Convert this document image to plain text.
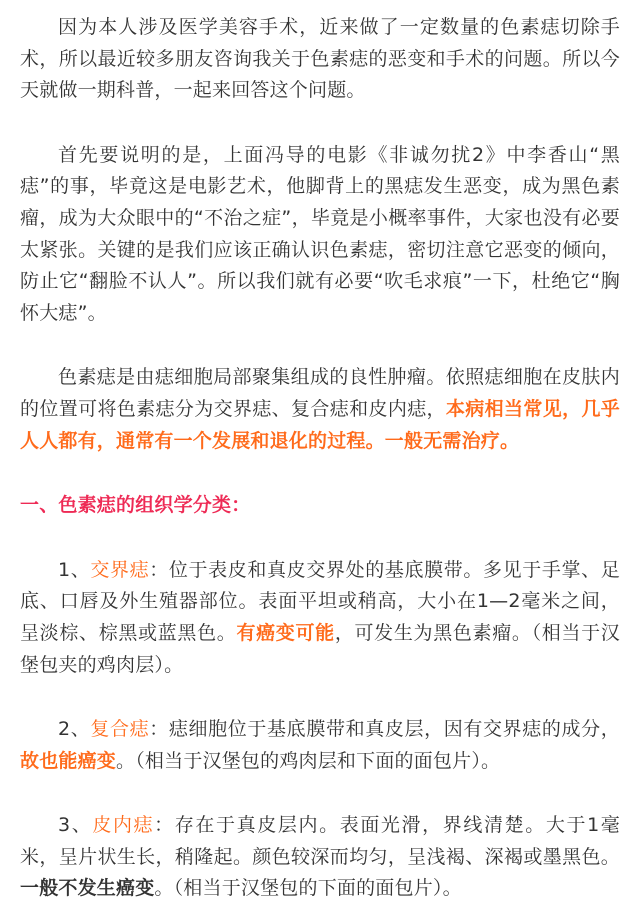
因为本人涉及医学美容手术，近来做了一定数量的色素痣切除手术，所以最近较多朋友咨询我关于色素痣的恶变和手术的问题。所以今天就做一期科普，一起来回答这个问题。

首先要说明的是，上面冯导的电影《非诚勿扰2》中李香山“黑痣”的事，毕竟这是电影艺术，他脚背上的黑痣发生恶变，成为黑色素瘤，成为大众眼中的“不治之症”，毕竟是小概率事件，大家也没有必要太紧张。关键的是我们应该正确认识色素痣，密切注意它恶变的倾向，防止它“翻脸不认人”。所以我们就有必要“吹毛求痕”一下，杜绝它“胸怀大痣”。

色素痣是由痣细胞局部聚集组成的良性肿瘤。依照痣细胞在皮肤内的位置可将色素痣分为交界痣、复合痣和皮内痣，本病相当常见，几乎人人都有，通常有一个发展和退化的过程。一般无需治疗。

一、色素痣的组织学分类：

1、交界痣：位于表皮和真皮交界处的基底膜带。多见于手掌、足底、口唇及外生殖器部位。表面平坦或稍高，大小在1—2毫米之间，呈淡棕、棕黑或蓝黑色。有癌变可能，可发生为黑色素瘤。（相当于汉堡包夹的鸡肉层）。

2、复合痣：痣细胞位于基底膜带和真皮层，因有交界痣的成分，故也能癌变。（相当于汉堡包的鸡肉层和下面的面包片）。

3、皮内痣：存在于真皮层内。表面光滑，界线清楚。大于1毫米，呈片状生长，稍隆起。颜色较深而均匀，呈浅褐、深褐或墨黑色。一般不发生癌变。（相当于汉堡包的下面的面包片）。
